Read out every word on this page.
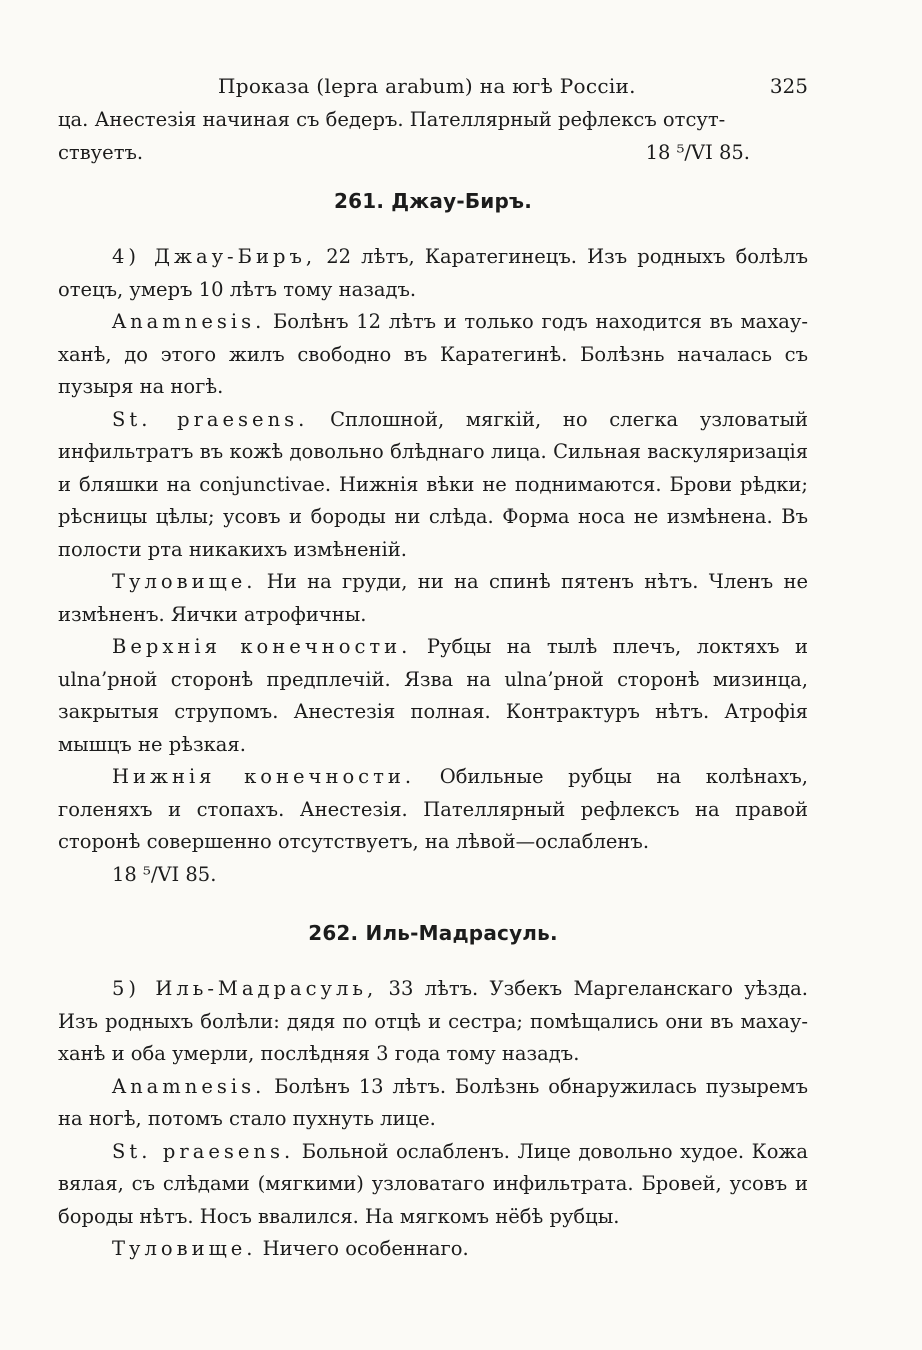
Проказа (lepra arabum) на югѣ Россіи.	325

ца. Анестезія начиная съ бедеръ. Пателлярный рефлексъ отсут-
ствуетъ.	18 ⁵/VI 85.

261. Джау-Биръ.

4) Джау-Биръ, 22 лѣтъ, Каратегинецъ. Изъ родныхъ болѣлъ отецъ, умеръ 10 лѣтъ тому назадъ.

Anamnesis. Болѣнъ 12 лѣтъ и только годъ находится въ махау-ханѣ, до этого жилъ свободно въ Каратегинѣ. Болѣзнь началась съ пузыря на ногѣ.

St. praesens. Сплошной, мягкій, но слегка узловатый инфильтратъ въ кожѣ довольно блѣднаго лица. Сильная васкуляризація и бляшки на conjunctivae. Нижнія вѣки не поднимаются. Брови рѣдки; рѣсницы цѣлы; усовъ и бороды ни слѣда. Форма носа не измѣнена. Въ полости рта никакихъ измѣненій.

Туловище. Ни на груди, ни на спинѣ пятенъ нѣтъ. Членъ не измѣненъ. Яички атрофичны.

Верхнія конечности. Рубцы на тылѣ плечъ, локтяхъ и ulna’рной сторонѣ предплечій. Язва на ulna’рной сторонѣ мизинца, закрытыя струпомъ. Анестезія полная. Контрактуръ нѣтъ. Атрофія мышцъ не рѣзкая.

Нижнія конечности. Обильные рубцы на колѣнахъ, голеняхъ и стопахъ. Анестезія. Пателлярный рефлексъ на правой сторонѣ совершенно отсутствуетъ, на лѣвой—ослабленъ.

18 ⁵/VI 85.

262. Иль-Мадрасуль.

5) Иль-Мадрасуль, 33 лѣтъ. Узбекъ Маргеланскаго уѣзда. Изъ родныхъ болѣли: дядя по отцѣ и сестра; помѣщались они въ махау-ханѣ и оба умерли, послѣдняя 3 года тому назадъ.

Anamnesis. Болѣнъ 13 лѣтъ. Болѣзнь обнаружилась пузыремъ на ногѣ, потомъ стало пухнуть лице.

St. praesens. Больной ослабленъ. Лице довольно худое. Кожа вялая, съ слѣдами (мягкими) узловатаго инфильтрата. Бровей, усовъ и бороды нѣтъ. Носъ ввалился. На мягкомъ нёбѣ рубцы.

Туловище. Ничего особеннаго.
